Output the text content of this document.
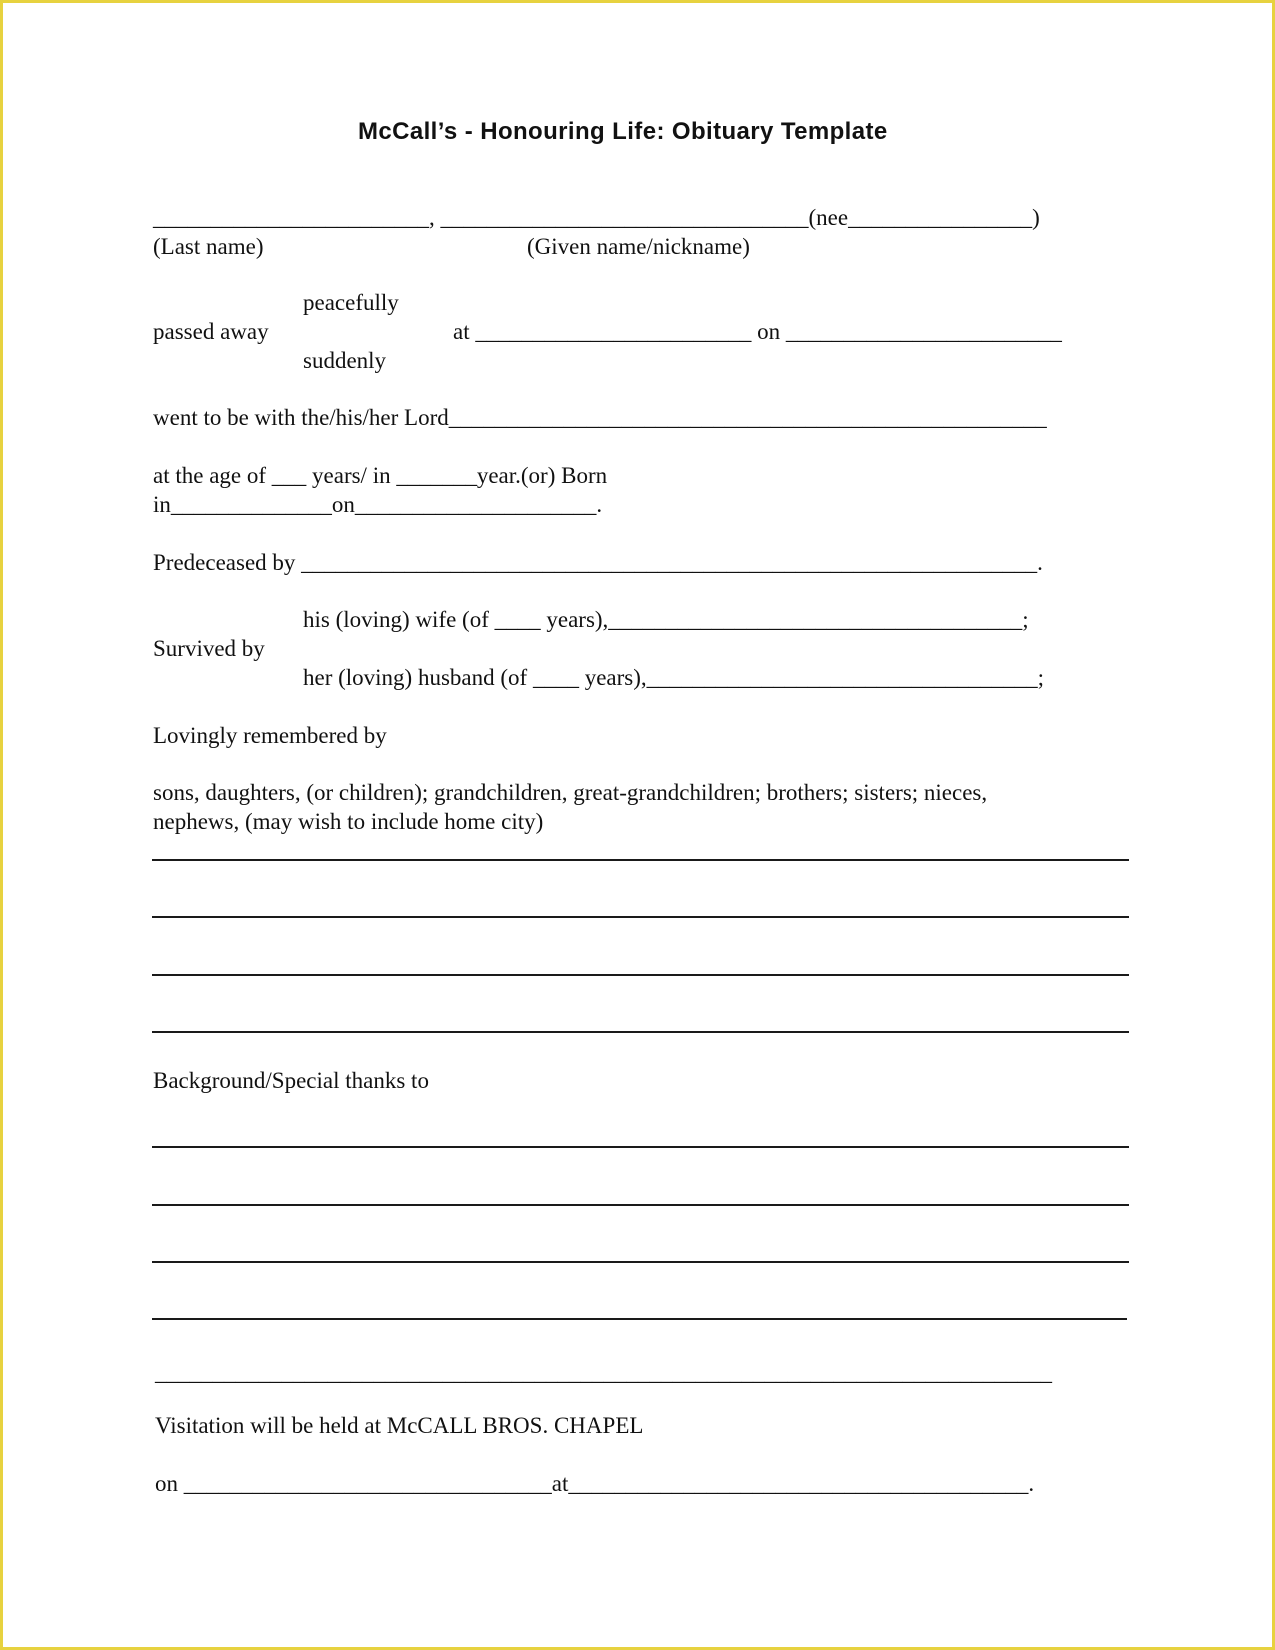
McCall’s - Honouring Life: Obituary Template
________________________, ________________________________(nee________________)
(Last name)	(Given name/nickname)
peacefully
passed away	at ________________________ on ________________________
suddenly
went to be with the/his/her Lord____________________________________________________
at the age of ___ years/ in _______year.(or) Born
in______________on_____________________.
Predeceased by ________________________________________________________________.
his (loving) wife (of ____ years),____________________________________;
Survived by
her (loving) husband (of ____ years),__________________________________;
Lovingly remembered by
sons, daughters, (or children); grandchildren, great-grandchildren; brothers; sisters; nieces,
nephews, (may wish to include home city)
Background/Special thanks to
______________________________________________________________________________
Visitation will be held at McCALL BROS. CHAPEL
on ________________________________at________________________________________.
